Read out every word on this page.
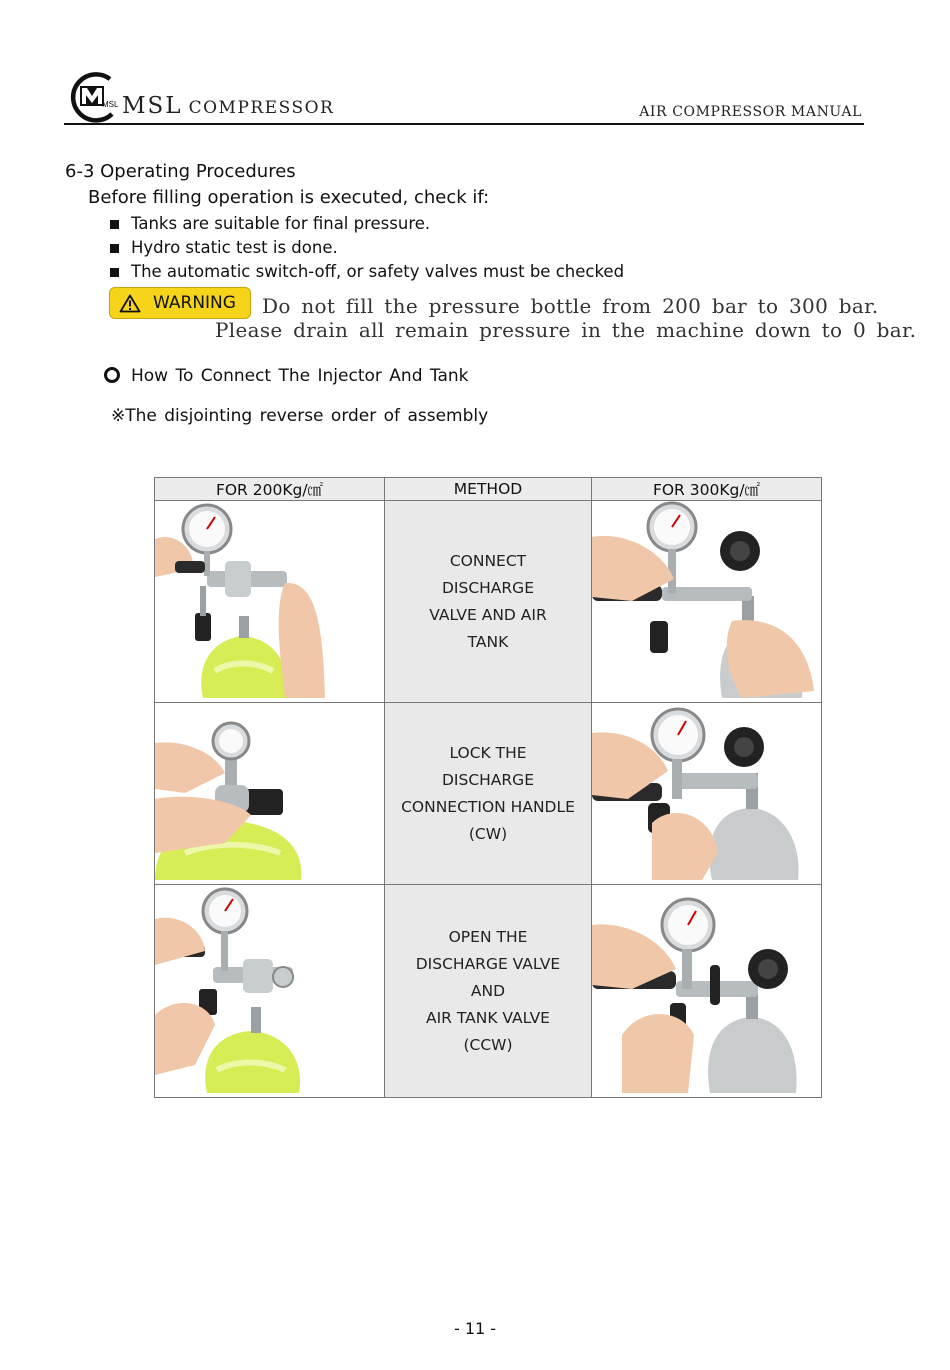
MSL MSL COMPRESSOR	AIR COMPRESSOR MANUAL
6-3 Operating Procedures
Before filling operation is executed, check if:
Tanks are suitable for final pressure.
Hydro static test is done.
The automatic switch-off, or safety valves must be checked
WARNING Do not fill the pressure bottle from 200 bar to 300 bar.
Please drain all remain pressure in the machine down to 0 bar.
How To Connect The Injector And Tank
※The disjointing reverse order of assembly
FOR 200Kg/㎠	METHOD	FOR 300Kg/㎠

CONNECT
DISCHARGE
VALVE AND AIR
TANK

LOCK THE
DISCHARGE
CONNECTION HANDLE
(CW)

OPEN THE
DISCHARGE VALVE
AND
AIR TANK VALVE
(CCW)

- 11 -
